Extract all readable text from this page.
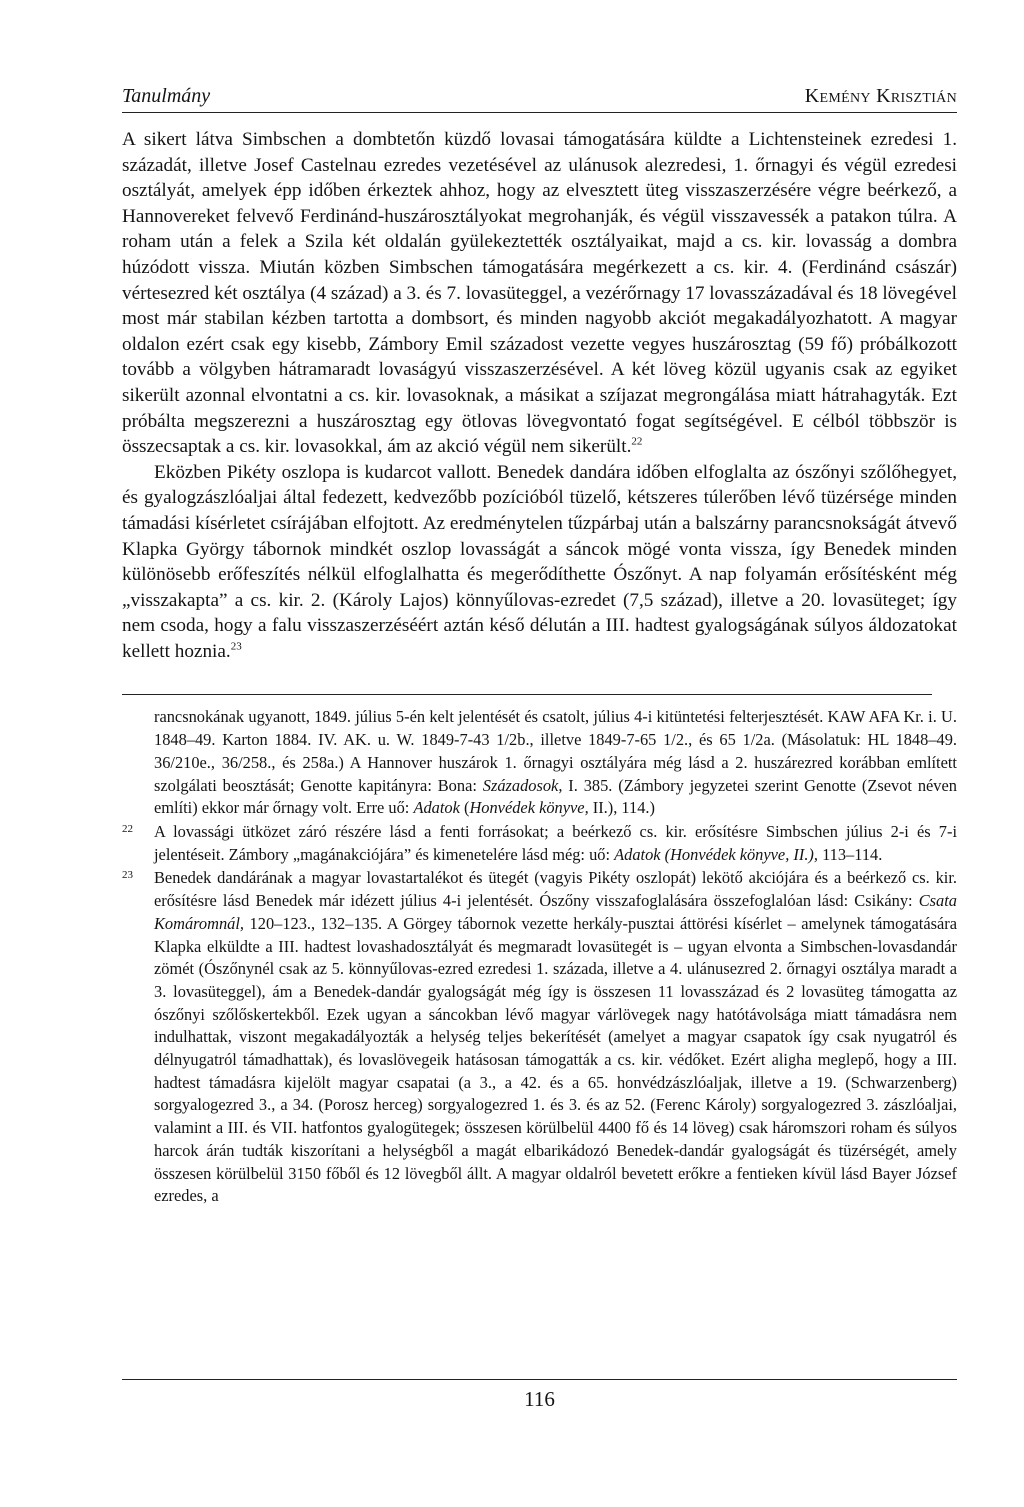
Tanulmány	Kemény Krisztián

A sikert látva Simbschen a dombtetőn küzdő lovasai támogatására küldte a Lichtensteinek ezredesi 1. századát, illetve Josef Castelnau ezredes vezetésével az ulánusok alezredesi, 1. őrnagyi és végül ezredesi osztályát, amelyek épp időben érkeztek ahhoz, hogy az elvesztett üteg visszaszerzésére végre beérkező, a Hannovereket felvevő Ferdinánd-huszárosztályokat megrohanják, és végül visszavessék a patakon túlra. A roham után a felek a Szila két oldalán gyülekeztették osztályaikat, majd a cs. kir. lovasság a dombra húzódott vissza. Miután közben Simbschen támogatására megérkezett a cs. kir. 4. (Ferdinánd császár) vértesezred két osztálya (4 század) a 3. és 7. lovasüteggel, a vezérőrnagy 17 lovasszázadával és 18 lövegével most már stabilan kézben tartotta a dombsort, és minden nagyobb akciót megakadályozhatott. A magyar oldalon ezért csak egy kisebb, Zámbory Emil századost vezette vegyes huszárosztag (59 fő) próbálkozott tovább a völgyben hátramaradt lovaságyú visszaszerzésével. A két löveg közül ugyanis csak az egyiket sikerült azonnal elvontatni a cs. kir. lovasoknak, a másikat a szíjazat megrongálása miatt hátrahagyták. Ezt próbálta megszerezni a huszárosztag egy ötlovas lövegvontató fogat segítségével. E célból többször is összecsaptak a cs. kir. lovasokkal, ám az akció végül nem sikerült.$^{22}$

Eközben Pikéty oszlopa is kudarcot vallott. Benedek dandára időben elfoglalta az ószőnyi szőlőhegyet, és gyalogzászlóaljai által fedezett, kedvezőbb pozícióból tüzelő, kétszeres túlerőben lévő tüzérsége minden támadási kísérletet csírájában elfojtott. Az eredménytelen tűzpárbaj után a balszárny parancsnokságát átvevő Klapka György tábornok mindkét oszlop lovasságát a sáncok mögé vonta vissza, így Benedek minden különösebb erőfeszítés nélkül elfoglalhatta és megerődíthette Ószőnyt. A nap folyamán erősítésként még „visszakapta” a cs. kir. 2. (Károly Lajos) könnyűlovas-ezredet (7,5 század), illetve a 20. lovasüteget; így nem csoda, hogy a falu visszaszerzéséért aztán késő délután a III. hadtest gyalogságának súlyos áldozatokat kellett hoznia.$^{23}$

rancsnokának ugyanott, 1849. július 5-én kelt jelentését és csatolt, július 4-i kitüntetési felterjesztését. KAW AFA Kr. i. U. 1848–49. Karton 1884. IV. AK. u. W. 1849-7-43 1/2b., illetve 1849-7-65 1/2., és 65 1/2a. (Másolatuk: HL 1848–49. 36/210e., 36/258., és 258a.) A Hannover huszárok 1. őrnagyi osztályára még lásd a 2. huszárezred korábban említett szolgálati beosztását; Genotte kapitányra: Bona: Századosok, I. 385. (Zámbory jegyzetei szerint Genotte (Zsevot néven említi) ekkor már őrnagy volt. Erre uő: Adatok (Honvédek könyve, II.), 114.)
22 A lovassági ütközet záró részére lásd a fenti forrásokat; a beérkező cs. kir. erősítésre Simbschen július 2-i és 7-i jelentéseit. Zámbory „magánakciójára” és kimenetelére lásd még: uő: Adatok (Honvédek könyve, II.), 113–114.
23 Benedek dandárának a magyar lovastartalékot és ütegét (vagyis Pikéty oszlopát) lekötő akciójára és a beérkező cs. kir. erősítésre lásd Benedek már idézett július 4-i jelentését. Ószőny visszafoglalására összefoglalóan lásd: Csikány: Csata Komáromnál, 120–123., 132–135. A Görgey tábornok vezette herkály-pusztai áttörési kísérlet – amelynek támogatására Klapka elküldte a III. hadtest lovashadosztályát és megmaradt lovasütegét is – ugyan elvonta a Simbschen-lovasdandár zömét (Ószőnynél csak az 5. könnyűlovas-ezred ezredesi 1. százada, illetve a 4. ulánusezred 2. őrnagyi osztálya maradt a 3. lovasüteggel), ám a Benedek-dandár gyalogságát még így is összesen 11 lovasszázad és 2 lovasüteg támogatta az ószőnyi szőlőskertekből. Ezek ugyan a sáncokban lévő magyar várlövegek nagy hatótávolsága miatt támadásra nem indulhattak, viszont megakadályozták a helység teljes bekerítését (amelyet a magyar csapatok így csak nyugatról és délnyugatról támadhattak), és lovaslövegeik hatásosan támogatták a cs. kir. védőket. Ezért aligha meglepő, hogy a III. hadtest támadásra kijelölt magyar csapatai (a 3., a 42. és a 65. honvédzászlóaljak, illetve a 19. (Schwarzenberg) sorgyalogezred 3., a 34. (Porosz herceg) sorgyalogezred 1. és 3. és az 52. (Ferenc Károly) sorgyalogezred 3. zászlóaljai, valamint a III. és VII. hatfontos gyalogütegek; összesen körülbelül 4400 fő és 14 löveg) csak háromszori roham és súlyos harcok árán tudták kiszorítani a helységből a magát elbarikádozó Benedek-dandár gyalogságát és tüzérségét, amely összesen körülbelül 3150 főből és 12 lövegből állt. A magyar oldalról bevetett erőkre a fentieken kívül lásd Bayer József ezredes, a
116
